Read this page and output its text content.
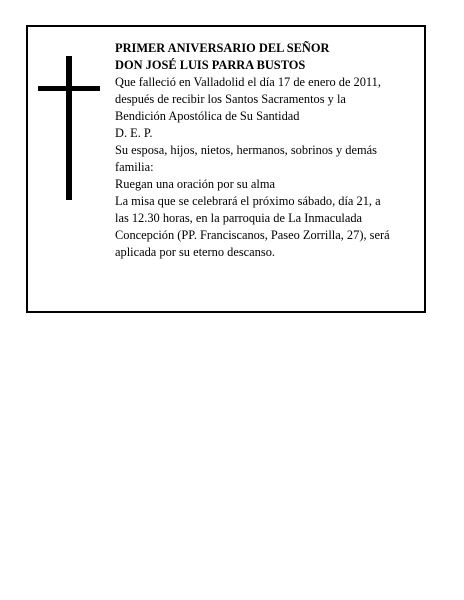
PRIMER ANIVERSARIO DEL SEÑOR
DON JOSÉ LUIS PARRA BUSTOS
Que falleció en Valladolid el día 17 de enero de 2011,
después de recibir los Santos Sacramentos y la
Bendición Apostólica de Su Santidad
D. E. P.
Su esposa, hijos, nietos, hermanos, sobrinos y demás
familia:
Ruegan una oración por su alma
La misa que se celebrará el próximo sábado, día 21, a
las 12.30 horas, en la parroquia de La Inmaculada
Concepción (PP. Franciscanos, Paseo Zorrilla, 27), será
aplicada por su eterno descanso.
